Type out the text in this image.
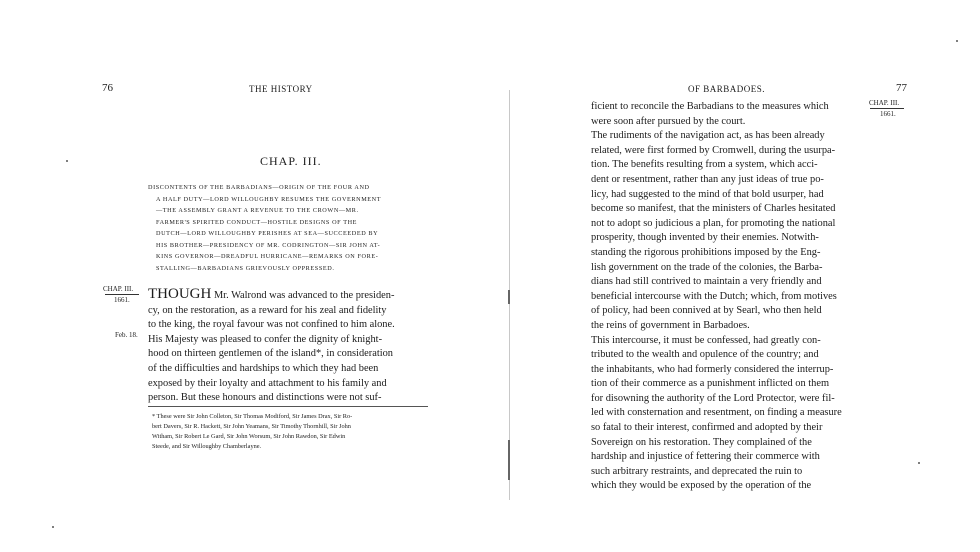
76	THE HISTORY
CHAP. III.
DISCONTENTS OF THE BARBADIANS—ORIGIN OF THE FOUR AND
A HALF DUTY—LORD WILLOUGHBY RESUMES THE GOVERNMENT
—THE ASSEMBLY GRANT A REVENUE TO THE CROWN—MR.
FARMER'S SPIRITED CONDUCT—HOSTILE DESIGNS OF THE
DUTCH—LORD WILLOUGHBY PERISHES AT SEA—SUCCEEDED BY
HIS BROTHER—PRESIDENCY OF MR. CODRINGTON—SIR JOHN AT-
KINS GOVERNOR—DREADFUL HURRICANE—REMARKS ON FORE-
STALLING—BARBADIANS GRIEVOUSLY OPPRESSED.
CHAP. III.
1661.
Feb. 18.
THOUGH Mr. Walrond was advanced to the presiden-
cy, on the restoration, as a reward for his zeal and fidelity
to the king, the royal favour was not confined to him alone.
His Majesty was pleased to confer the dignity of knight-
hood on thirteen gentlemen of the island*, in consideration
of the difficulties and hardships to which they had been
exposed by their loyalty and attachment to his family and
person. But these honours and distinctions were not suf-
* These were Sir John Colleton, Sir Thomas Modiford, Sir James Drax, Sir Ro-
bert Davers, Sir R. Hackett, Sir John Yeamans, Sir Timothy Thornhill, Sir John
Witham, Sir Robert Le Gard, Sir John Worsum, Sir John Rawdon, Sir Edwin
Steede, and Sir Willoughby Chamberlayne.
OF BARBADOES.	77
CHAP. III.
1661.
ficient to reconcile the Barbadians to the measures which
were soon after pursued by the court.
The rudiments of the navigation act, as has been already
related, were first formed by Cromwell, during the usurpa-
tion. The benefits resulting from a system, which acci-
dent or resentment, rather than any just ideas of true po-
licy, had suggested to the mind of that bold usurper, had
become so manifest, that the ministers of Charles hesitated
not to adopt so judicious a plan, for promoting the national
prosperity, though invented by their enemies. Notwith-
standing the rigorous prohibitions imposed by the Eng-
lish government on the trade of the colonies, the Barba-
dians had still contrived to maintain a very friendly and
beneficial intercourse with the Dutch; which, from motives
of policy, had been connived at by Searl, who then held
the reins of government in Barbadoes.
This intercourse, it must be confessed, had greatly con-
tributed to the wealth and opulence of the country; and
the inhabitants, who had formerly considered the interrup-
tion of their commerce as a punishment inflicted on them
for disowning the authority of the Lord Protector, were fil-
led with consternation and resentment, on finding a measure
so fatal to their interest, confirmed and adopted by their
Sovereign on his restoration. They complained of the
hardship and injustice of fettering their commerce with
such arbitrary restraints, and deprecated the ruin to
which they would be exposed by the operation of the
